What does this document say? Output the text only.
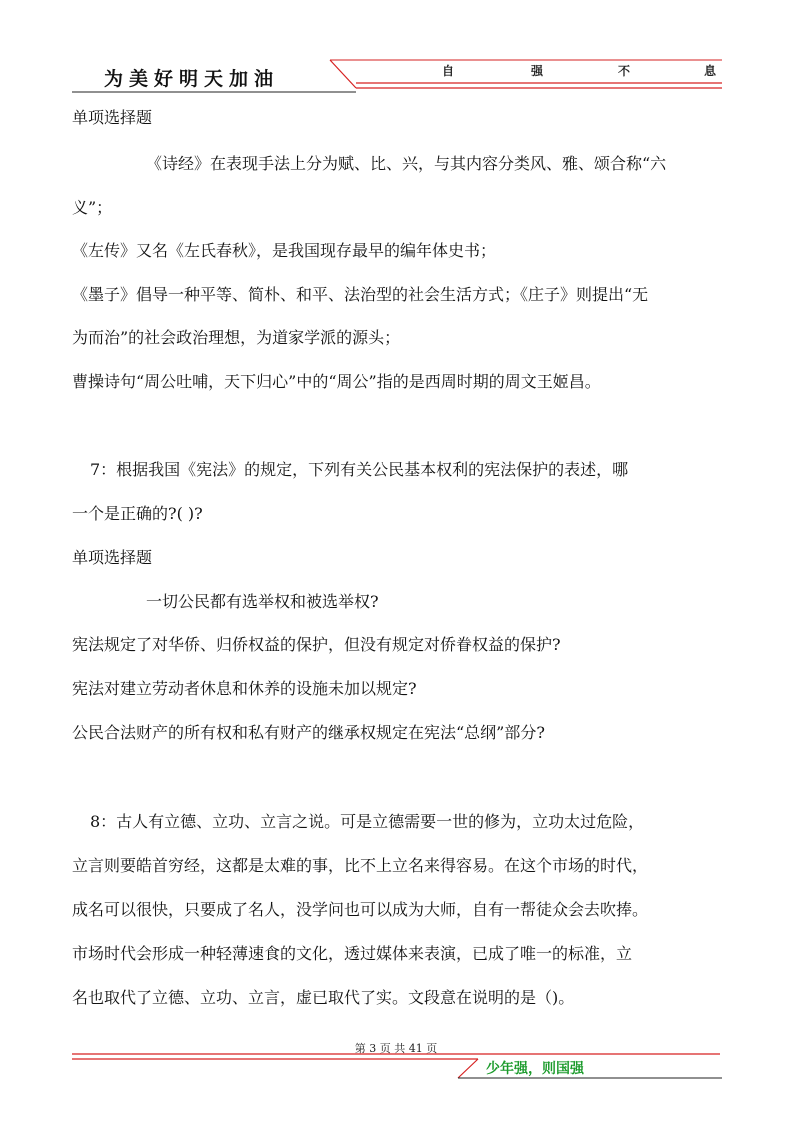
为美好明天加油	自	强	不	息
单项选择题
《诗经》在表现手法上分为赋、比、兴，与其内容分类风、雅、颂合称“六
义”；
《左传》又名《左氏春秋》，是我国现存最早的编年体史书；
《墨子》倡导一种平等、简朴、和平、法治型的社会生活方式；《庄子》则提出“无
为而治”的社会政治理想，为道家学派的源头；
曹操诗句“周公吐哺，天下归心”中的“周公”指的是西周时期的周文王姬昌。
7：根据我国《宪法》的规定，下列有关公民基本权利的宪法保护的表述，哪
一个是正确的?( )?
单项选择题
一切公民都有选举权和被选举权?
宪法规定了对华侨、归侨权益的保护，但没有规定对侨眷权益的保护?
宪法对建立劳动者休息和休养的设施未加以规定?
公民合法财产的所有权和私有财产的继承权规定在宪法“总纲”部分?
8：古人有立德、立功、立言之说。可是立德需要一世的修为，立功太过危险，
立言则要皓首穷经，这都是太难的事，比不上立名来得容易。在这个市场的时代，
成名可以很快，只要成了名人，没学问也可以成为大师，自有一帮徒众会去吹捧。
市场时代会形成一种轻薄速食的文化，透过媒体来表演，已成了唯一的标准，立
名也取代了立德、立功、立言，虚已取代了实。文段意在说明的是（)。
第 3 页 共 41 页
少年强，则国强
